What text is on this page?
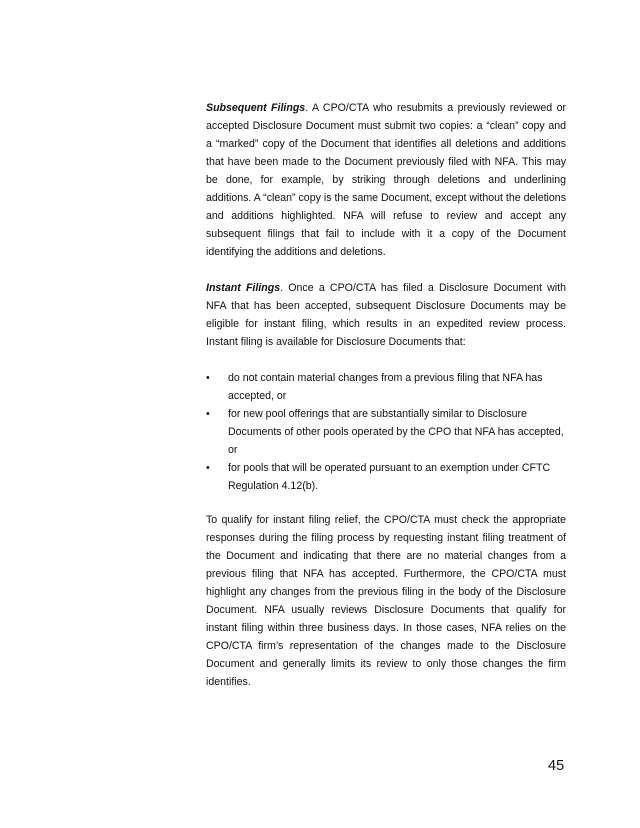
Subsequent Filings. A CPO/CTA who resubmits a previously reviewed or accepted Disclosure Document must submit two copies: a “clean” copy and a “marked” copy of the Document that identifies all deletions and additions that have been made to the Document previously filed with NFA. This may be done, for example, by striking through deletions and underlining additions. A “clean” copy is the same Document, except without the deletions and additions highlighted. NFA will refuse to review and accept any subsequent filings that fail to include with it a copy of the Document identifying the additions and deletions.

Instant Filings. Once a CPO/CTA has filed a Disclosure Document with NFA that has been accepted, subsequent Disclosure Documents may be eligible for instant filing, which results in an expedited review process. Instant filing is available for Disclosure Documents that:

•	do not contain material changes from a previous filing that NFA has accepted, or
•	for new pool offerings that are substantially similar to Disclosure Documents of other pools operated by the CPO that NFA has accepted, or
•	for pools that will be operated pursuant to an exemption under CFTC Regulation 4.12(b).

To qualify for instant filing relief, the CPO/CTA must check the appropriate responses during the filing process by requesting instant filing treatment of the Document and indicating that there are no material changes from a previous filing that NFA has accepted. Furthermore, the CPO/CTA must highlight any changes from the previous filing in the body of the Disclosure Document. NFA usually reviews Disclosure Documents that qualify for instant filing within three business days. In those cases, NFA relies on the CPO/CTA firm’s representation of the changes made to the Disclosure Document and generally limits its review to only those changes the firm identifies.

45
